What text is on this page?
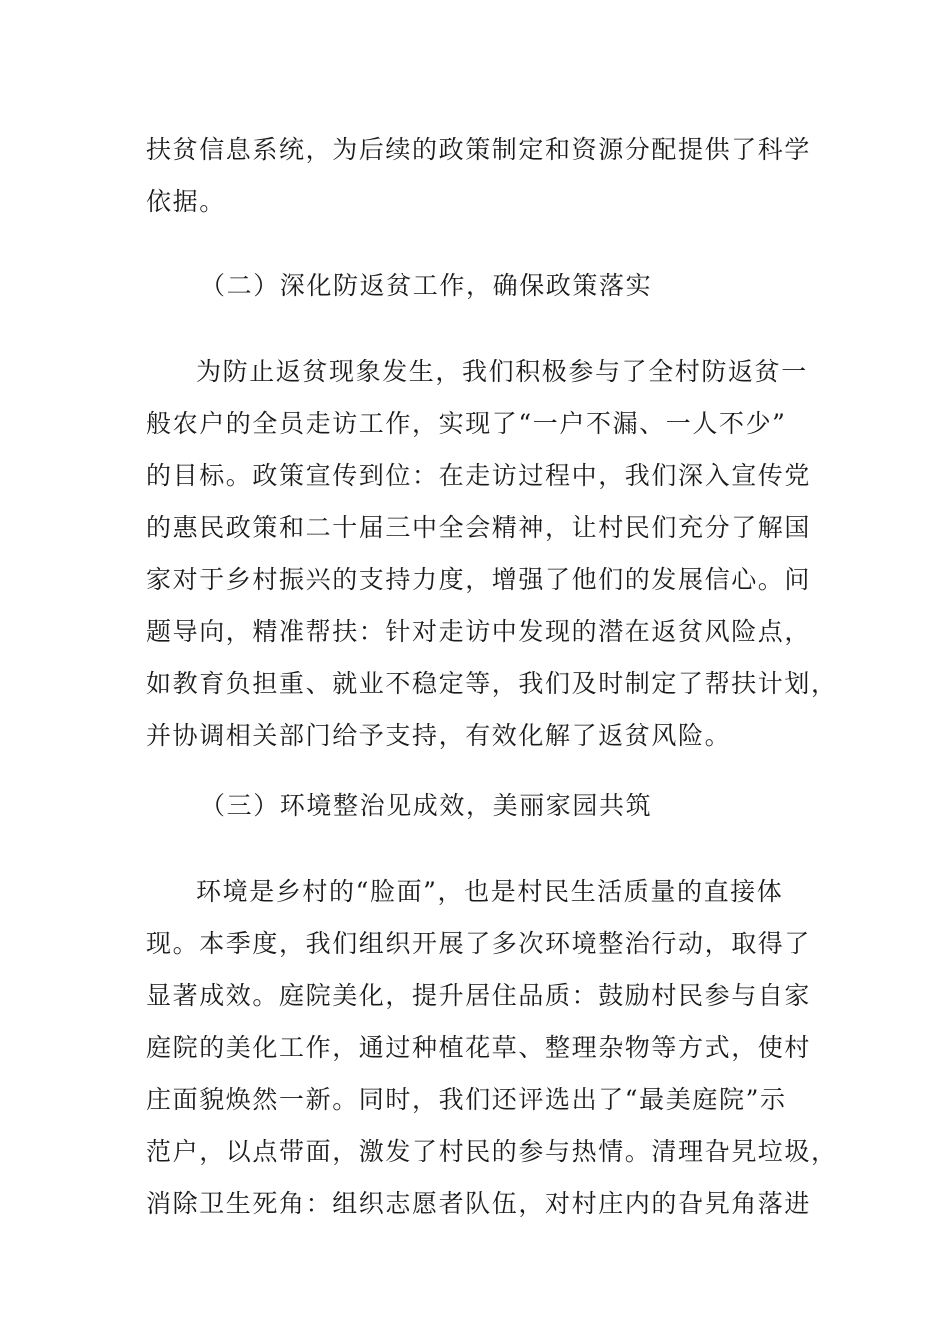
扶贫信息系统，为后续的政策制定和资源分配提供了科学
依据。
（二）深化防返贫工作，确保政策落实
为防止返贫现象发生，我们积极参与了全村防返贫一
般农户的全员走访工作，实现了“一户不漏、一人不少”
的目标。政策宣传到位：在走访过程中，我们深入宣传党
的惠民政策和二十届三中全会精神，让村民们充分了解国
家对于乡村振兴的支持力度，增强了他们的发展信心。问
题导向，精准帮扶：针对走访中发现的潜在返贫风险点，
如教育负担重、就业不稳定等，我们及时制定了帮扶计划，
并协调相关部门给予支持，有效化解了返贫风险。
（三）环境整治见成效，美丽家园共筑
环境是乡村的“脸面”，也是村民生活质量的直接体
现。本季度，我们组织开展了多次环境整治行动，取得了
显著成效。庭院美化，提升居住品质：鼓励村民参与自家
庭院的美化工作，通过种植花草、整理杂物等方式，使村
庄面貌焕然一新。同时，我们还评选出了“最美庭院”示
范户，以点带面，激发了村民的参与热情。清理旮旯垃圾，
消除卫生死角：组织志愿者队伍，对村庄内的旮旯角落进
